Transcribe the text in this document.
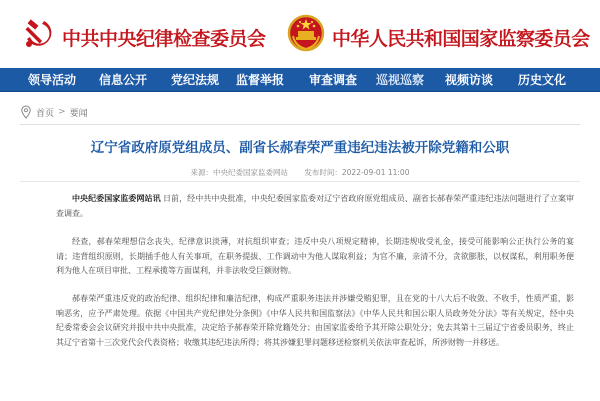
中共中央纪律检查委员会	中华人民共和国国家监察委员会
领导活动 信息公开 党纪法规 监督举报 审查调查 巡视巡察 视频访谈 历史文化
首页 > 要闻
辽宁省政府原党组成员、副省长郝春荣严重违纪违法被开除党籍和公职
来源：中央纪委国家监委网站 发布时间：2022-09-01 11:00

中央纪委国家监委网站讯 日前，经中共中央批准，中央纪委国家监委对辽宁省政府原党组成员、副省长郝春荣严重违纪违法问题进行了立案审查调查。

经查，郝春荣理想信念丧失，纪律意识淡薄，对抗组织审查；违反中央八项规定精神，长期违规收受礼金，接受可能影响公正执行公务的宴请；违背组织原则，长期插手他人有关事项，在职务提拔、工作调动中为他人谋取利益；为官不廉，亲清不分，贪欲膨胀，以权谋私，利用职务便利为他人在项目审批、工程承揽等方面谋利，并非法收受巨额财物。

郝春荣严重违反党的政治纪律、组织纪律和廉洁纪律，构成严重职务违法并涉嫌受贿犯罪，且在党的十八大后不收敛、不收手，性质严重，影响恶劣，应予严肃处理。依据《中国共产党纪律处分条例》《中华人民共和国监察法》《中华人民共和国公职人员政务处分法》等有关规定，经中央纪委常委会会议研究并报中共中央批准，决定给予郝春荣开除党籍处分；由国家监委给予其开除公职处分；免去其第十三届辽宁省委员职务，终止其辽宁省第十三次党代会代表资格；收缴其违纪违法所得；将其涉嫌犯罪问题移送检察机关依法审查起诉，所涉财物一并移送。
